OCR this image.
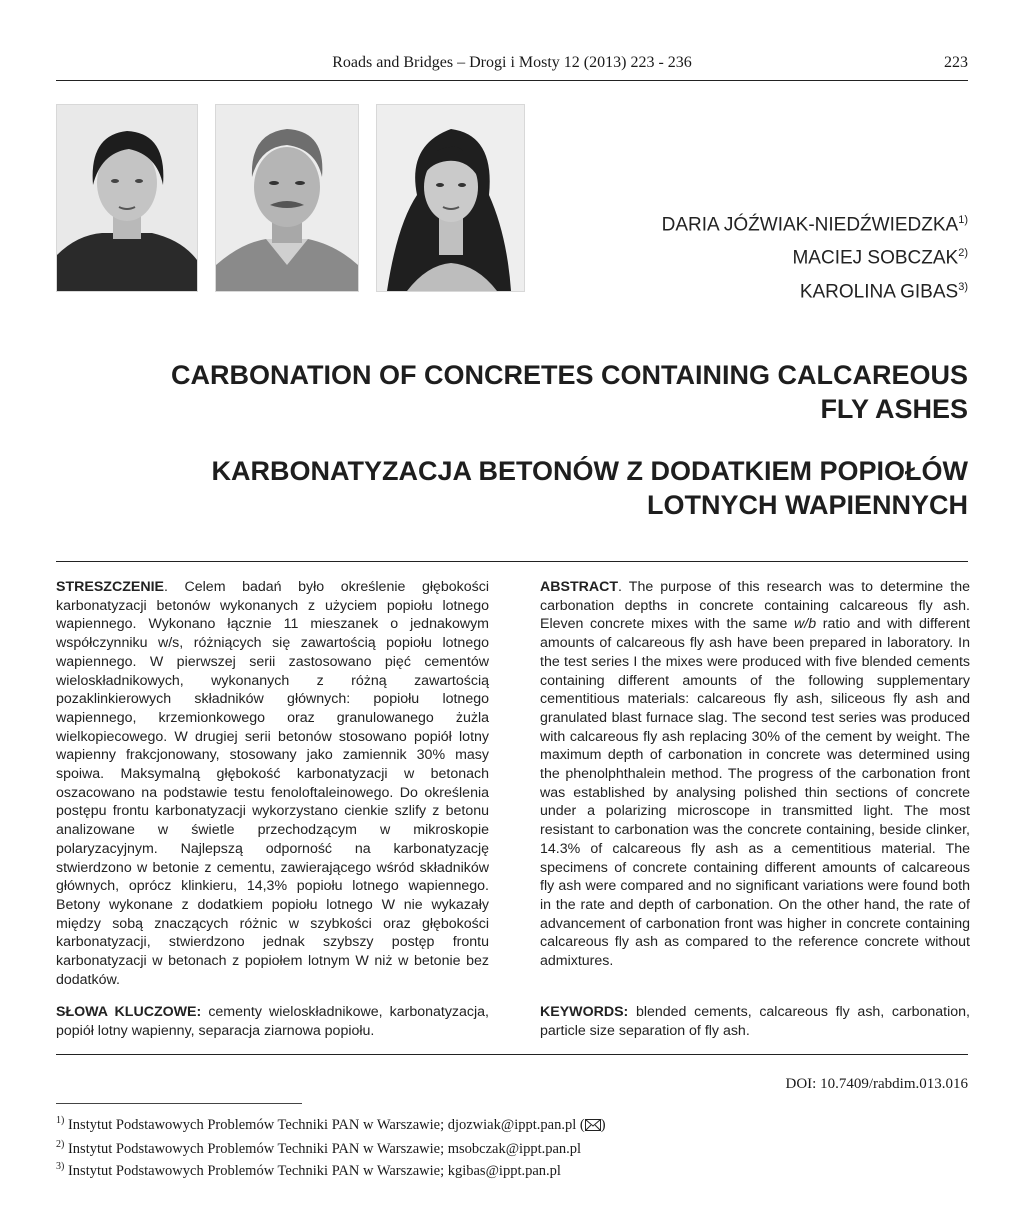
Roads and Bridges – Drogi i Mosty 12 (2013) 223 - 236	223
DARIA JÓŹWIAK-NIEDŹWIEDZKA$^{1)}$
MACIEJ SOBCZAK$^{2)}$
KAROLINA GIBAS$^{3)}$
CARBONATION OF CONCRETES CONTAINING CALCAREOUS
FLY ASHES
KARBONATYZACJA BETONÓW Z DODATKIEM POPIOŁÓW
LOTNYCH WAPIENNYCH

STRESZCZENIE. Celem badań było określenie głębokości karbonatyzacji betonów wykonanych z użyciem popiołu lotnego wapiennego. Wykonano łącznie 11 mieszanek o jednakowym współczynniku w/s, różniących się zawartością popiołu lotnego wapiennego. W pierwszej serii zastosowano pięć cementów wieloskładnikowych, wykonanych z różną zawartością pozaklinkierowych składników głównych: popiołu lotnego wapiennego, krzemionkowego oraz granulowanego żużla wielkopiecowego. W drugiej serii betonów stosowano popiół lotny wapienny frakcjonowany, stosowany jako zamiennik 30% masy spoiwa. Maksymalną głębokość karbonatyzacji w betonach oszacowano na podstawie testu fenoloftaleinowego. Do określenia postępu frontu karbonatyzacji wykorzystano cienkie szlify z betonu analizowane w świetle przechodzącym w mikroskopie polaryzacyjnym. Najlepszą odporność na karbonatyzację stwierdzono w betonie z cementu, zawierającego wśród składników głównych, oprócz klinkieru, 14,3% popiołu lotnego wapiennego. Betony wykonane z dodatkiem popiołu lotnego W nie wykazały między sobą znaczących różnic w szybkości oraz głębokości karbonatyzacji, stwierdzono jednak szybszy postęp frontu karbonatyzacji w betonach z popiołem lotnym W niż w betonie bez dodatków.

SŁOWA KLUCZOWE: cementy wieloskładnikowe, karbonatyzacja, popiół lotny wapienny, separacja ziarnowa popiołu.

ABSTRACT. The purpose of this research was to determine the carbonation depths in concrete containing calcareous fly ash. Eleven concrete mixes with the same w/b ratio and with different amounts of calcareous fly ash have been prepared in laboratory. In the test series I the mixes were produced with five blended cements containing different amounts of the following supplementary cementitious materials: calcareous fly ash, siliceous fly ash and granulated blast furnace slag. The second test series was produced with calcareous fly ash replacing 30% of the cement by weight. The maximum depth of carbonation in concrete was determined using the phenolphthalein method. The progress of the carbonation front was established by analysing polished thin sections of concrete under a polarizing microscope in transmitted light. The most resistant to carbonation was the concrete containing, beside clinker, 14.3% of calcareous fly ash as a cementitious material. The specimens of concrete containing different amounts of calcareous fly ash were compared and no significant variations were found both in the rate and depth of carbonation. On the other hand, the rate of advancement of carbonation front was higher in concrete containing calcareous fly ash as compared to the reference concrete without admixtures.

KEYWORDS: blended cements, calcareous fly ash, carbonation, particle size separation of fly ash.

DOI: 10.7409/rabdim.013.016
$^{1)}$ Instytut Podstawowych Problemów Techniki PAN w Warszawie; djozwiak@ippt.pan.pl ( )
$^{2)}$ Instytut Podstawowych Problemów Techniki PAN w Warszawie; msobczak@ippt.pan.pl
$^{3)}$ Instytut Podstawowych Problemów Techniki PAN w Warszawie; kgibas@ippt.pan.pl
